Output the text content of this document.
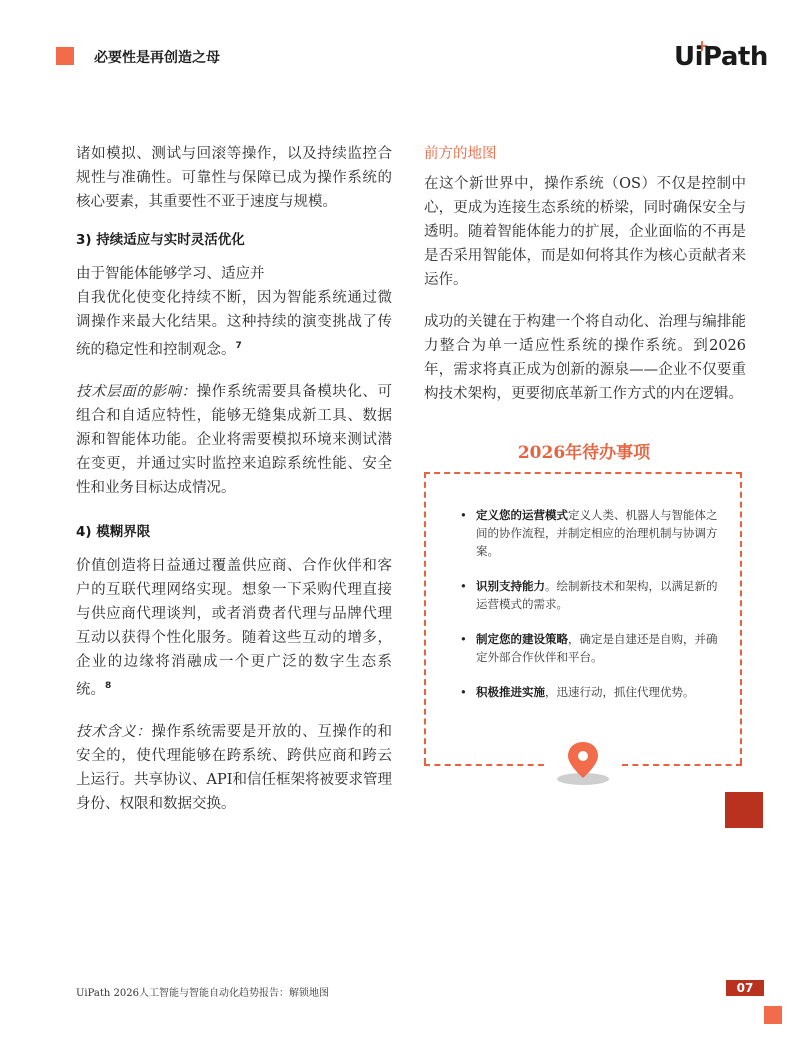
必要性是再创造之母	UiPath

诸如模拟、测试与回滚等操作，以及持续监控合规性与准确性。可靠性与保障已成为操作系统的核心要素，其重要性不亚于速度与规模。

3) 持续适应与实时灵活优化

由于智能体能够学习、适应并
自我优化使变化持续不断，因为智能系统通过微调操作来最大化结果。这种持续的演变挑战了传统的稳定性和控制观念。$^7$

技术层面的影响：操作系统需要具备模块化、可组合和自适应特性，能够无缝集成新工具、数据源和智能体功能。企业将需要模拟环境来测试潜在变更，并通过实时监控来追踪系统性能、安全性和业务目标达成情况。

4) 模糊界限

价值创造将日益通过覆盖供应商、合作伙伴和客户的互联代理网络实现。想象一下采购代理直接与供应商代理谈判，或者消费者代理与品牌代理互动以获得个性化服务。随着这些互动的增多，企业的边缘将消融成一个更广泛的数字生态系统。$^8$

技术含义：操作系统需要是开放的、互操作的和安全的，使代理能够在跨系统、跨供应商和跨云上运行。共享协议、API和信任框架将被要求管理身份、权限和数据交换。

前方的地图

在这个新世界中，操作系统（OS）不仅是控制中心，更成为连接生态系统的桥梁，同时确保安全与透明。随着智能体能力的扩展，企业面临的不再是是否采用智能体，而是如何将其作为核心贡献者来运作。

成功的关键在于构建一个将自动化、治理与编排能力整合为单一适应性系统的操作系统。到2026年，需求将真正成为创新的源泉——企业不仅要重构技术架构，更要彻底革新工作方式的内在逻辑。

2026年待办事项
• 定义您的运营模式定义人类、机器人与智能体之间的协作流程，并制定相应的治理机制与协调方案。
• 识别支持能力。绘制新技术和架构，以满足新的运营模式的需求。
• 制定您的建设策略，确定是自建还是自购，并确定外部合作伙伴和平台。
• 积极推进实施，迅速行动，抓住代理优势。
UiPath 2026人工智能与智能自动化趋势报告：解锁地图	07
